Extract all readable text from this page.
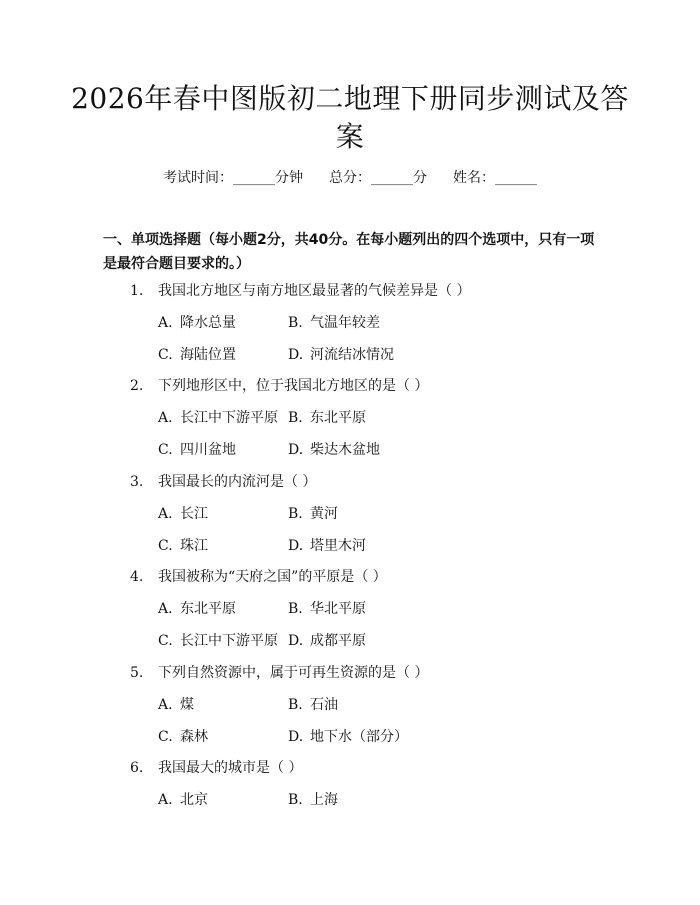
2026年春中图版初二地理下册同步测试及答案
考试时间：______分钟 总分：______分 姓名：______
一、单项选择题（每小题2分，共40分。在每小题列出的四个选项中，只有一项是最符合题目要求的。）
1. 我国北方地区与南方地区最显著的气候差异是（ ）
A. 降水总量	B. 气温年较差
C. 海陆位置	D. 河流结冰情况
2. 下列地形区中，位于我国北方地区的是（ ）
A. 长江中下游平原 B. 东北平原
C. 四川盆地	D. 柴达木盆地
3. 我国最长的内流河是（ ）
A. 长江	B. 黄河
C. 珠江	D. 塔里木河
4. 我国被称为“天府之国”的平原是（ ）
A. 东北平原	B. 华北平原
C. 长江中下游平原 D. 成都平原
5. 下列自然资源中，属于可再生资源的是（ ）
A. 煤	B. 石油
C. 森林	D. 地下水（部分）
6. 我国最大的城市是（ ）
A. 北京	B. 上海
